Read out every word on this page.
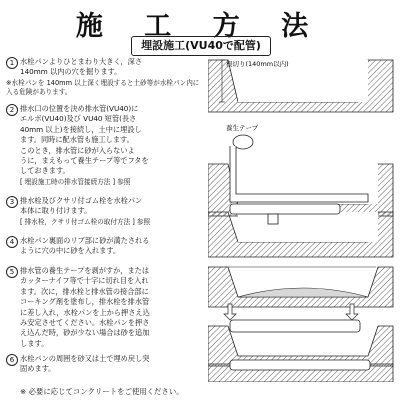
施 工 方 法
埋設施工(VU40で配管)
1 水栓パンよりひとまわり大きく，深さ
140mm 以内の穴を掘ります。
※水栓パンを 140mm 以上深く埋設すると土砂等が水栓パン内に入る危険があります。
2 排水口の位置を決め排水管(VU40)に
エルボ(VU40)及び VU40 短管(長さ
40mm 以上)を接続し，土中に埋設し
ます。同時に配水管も施工します。
このとき，排水管に砂が入らないよ
うに，まえもって養生テープ等でフタを
しておきます。
[ 埋設施工時の排水管接続方法 ] 参照
3 排水栓及びクサリ付ゴム栓を水栓パン
本体に取り付けます。
[ 排水栓，クサリ付ゴム栓の取付方法 ] 参照
4 水栓パン裏面のリブ部に砂が満たされる
ように穴の中に砂を入れます。
5 排水管の養生テープを剥がすか，または
カッターナイフ等で十字に切れ目を入れ
ます。次に，排水栓と排水管の接合部に
コーキング剤を塗布し，排水栓を排水管
に差し入れ，水栓パンを上から押さえ込
み安定させてください。水栓パンを押さ
え込んだ時，砂が少ない場合は砂を追加
します。
6 水栓パンの周囲を砂又は土で埋め戻し突
固めます。
※ 必要に応じてコンクリートをご使用ください。
根切り(140mm以内)
養生テープ
